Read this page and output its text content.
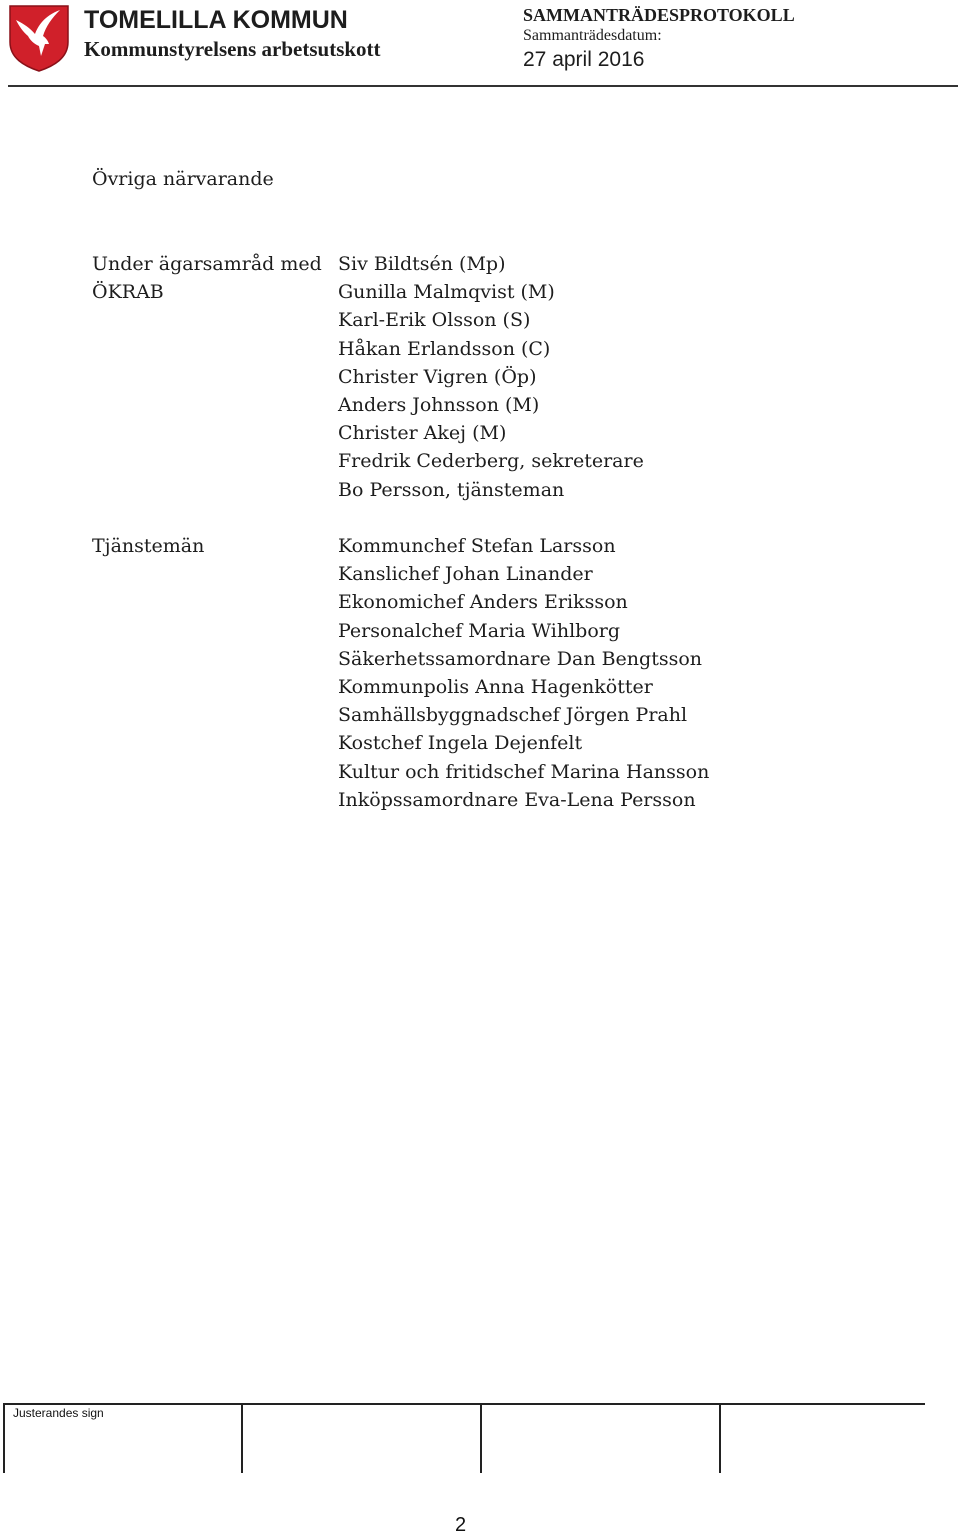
TOMELILLA KOMMUN
Kommunstyrelsens arbetsutskott
SAMMANTRÄDESPROTOKOLL
Sammanträdesdatum:
27 april 2016
Övriga närvarande
Under ägarsamråd med
ÖKRAB
Siv Bildtsén (Mp)
Gunilla Malmqvist (M)
Karl-Erik Olsson (S)
Håkan Erlandsson (C)
Christer Vigren (Öp)
Anders Johnsson (M)
Christer Akej (M)
Fredrik Cederberg, sekreterare
Bo Persson, tjänsteman
Tjänstemän	Kommunchef Stefan Larsson
Kanslichef Johan Linander
Ekonomichef Anders Eriksson
Personalchef Maria Wihlborg
Säkerhetssamordnare Dan Bengtsson
Kommunpolis Anna Hagenkötter
Samhällsbyggnadschef Jörgen Prahl
Kostchef Ingela Dejenfelt
Kultur och fritidschef Marina Hansson
Inköpssamordnare Eva-Lena Persson
Justerandes sign
2
